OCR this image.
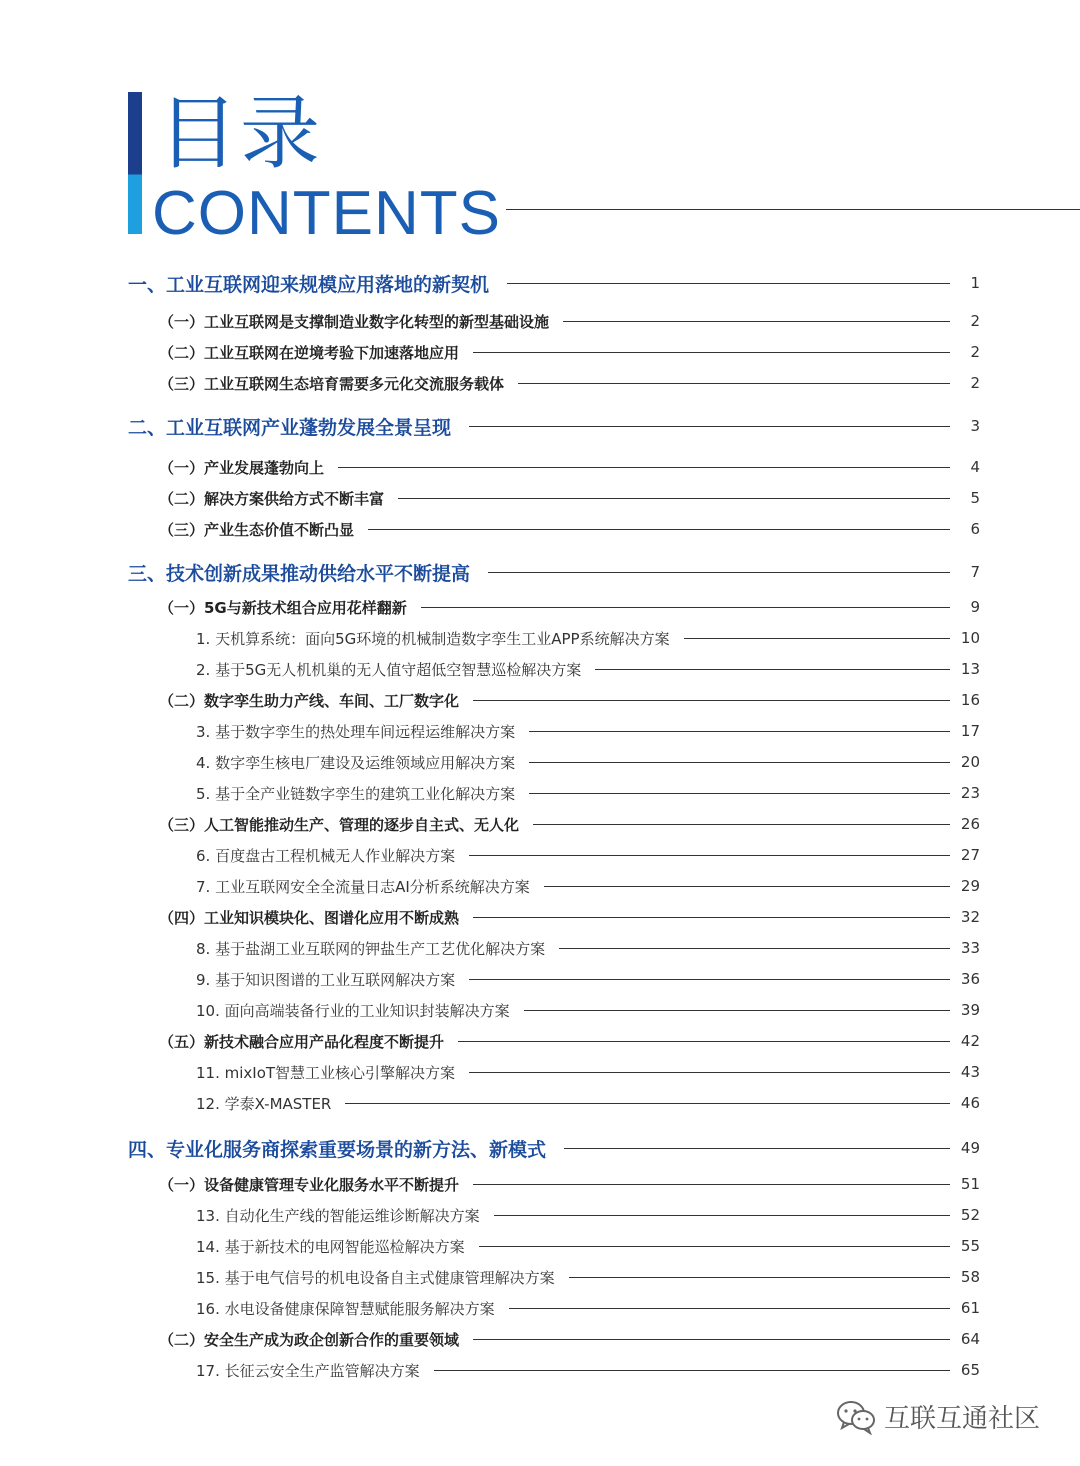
目录
CONTENTS
一、工业互联网迎来规模应用落地的新契机	1
（一）工业互联网是支撑制造业数字化转型的新型基础设施	2
（二）工业互联网在逆境考验下加速落地应用	2
（三）工业互联网生态培育需要多元化交流服务载体	2
二、工业互联网产业蓬勃发展全景呈现	3
（一）产业发展蓬勃向上	4
（二）解决方案供给方式不断丰富	5
（三）产业生态价值不断凸显	6
三、技术创新成果推动供给水平不断提高	7
（一）5G与新技术组合应用花样翻新	9
1. 天机算系统：面向5G环境的机械制造数字孪生工业APP系统解决方案	10
2. 基于5G无人机机巢的无人值守超低空智慧巡检解决方案	13
（二）数字孪生助力产线、车间、工厂数字化	16
3. 基于数字孪生的热处理车间远程运维解决方案	17
4. 数字孪生核电厂建设及运维领域应用解决方案	20
5. 基于全产业链数字孪生的建筑工业化解决方案	23
（三）人工智能推动生产、管理的逐步自主式、无人化	26
6. 百度盘古工程机械无人作业解决方案	27
7. 工业互联网安全全流量日志AI分析系统解决方案	29
（四）工业知识模块化、图谱化应用不断成熟	32
8. 基于盐湖工业互联网的钾盐生产工艺优化解决方案	33
9. 基于知识图谱的工业互联网解决方案	36
10. 面向高端装备行业的工业知识封装解决方案	39
（五）新技术融合应用产品化程度不断提升	42
11. mixIoT智慧工业核心引擎解决方案	43
12. 学泰X-MASTER	46
四、专业化服务商探索重要场景的新方法、新模式	49
（一）设备健康管理专业化服务水平不断提升	51
13. 自动化生产线的智能运维诊断解决方案	52
14. 基于新技术的电网智能巡检解决方案	55
15. 基于电气信号的机电设备自主式健康管理解决方案	58
16. 水电设备健康保障智慧赋能服务解决方案	61
（二）安全生产成为政企创新合作的重要领域	64
17. 长征云安全生产监管解决方案	65
互联互通社区
